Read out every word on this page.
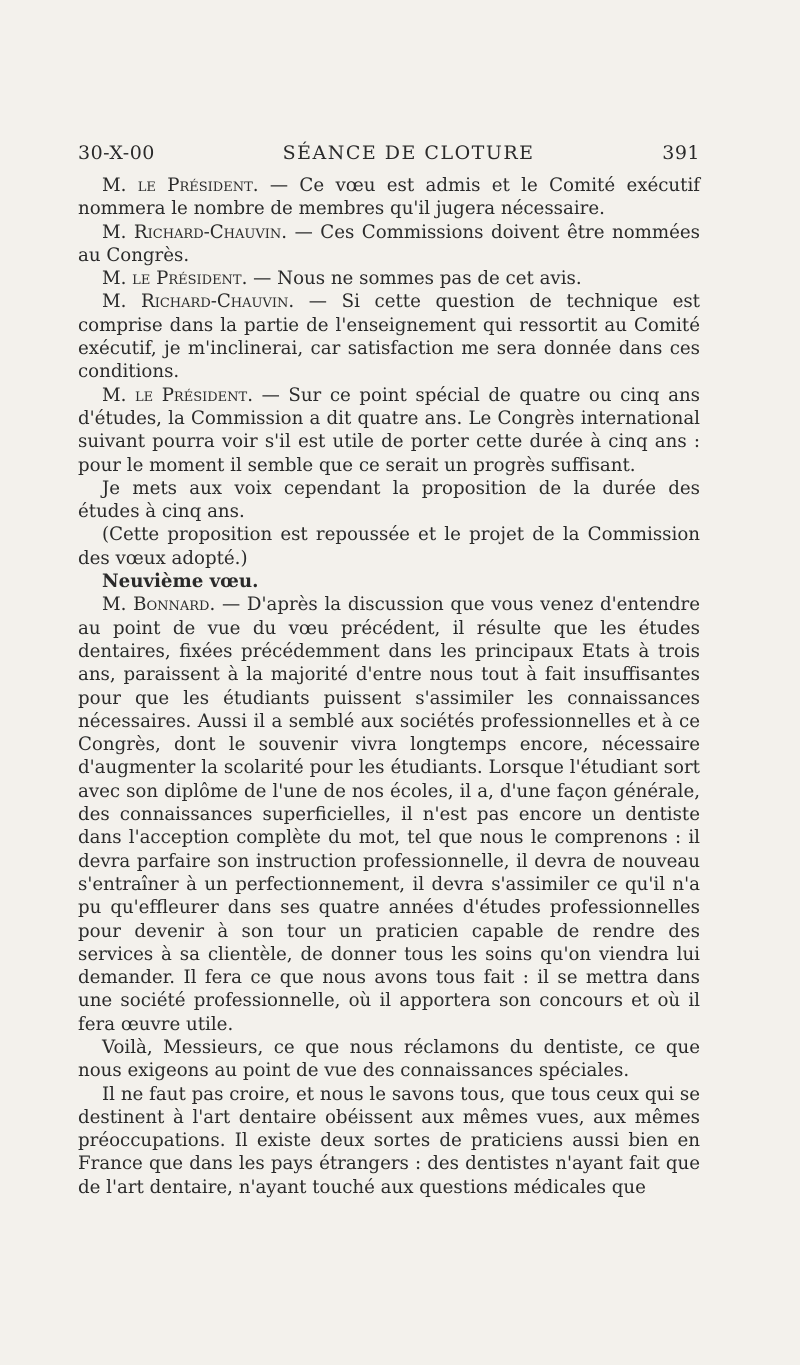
30-X-00	SÉANCE DE CLOTURE	391

M. le Président. — Ce vœu est admis et le Comité exécutif nommera le nombre de membres qu'il jugera nécessaire.

M. Richard-Chauvin. — Ces Commissions doivent être nommées au Congrès.

M. le Président. — Nous ne sommes pas de cet avis.

M. Richard-Chauvin. — Si cette question de technique est comprise dans la partie de l'enseignement qui ressortit au Comité exécutif, je m'inclinerai, car satisfaction me sera donnée dans ces conditions.

M. le Président. — Sur ce point spécial de quatre ou cinq ans d'études, la Commission a dit quatre ans. Le Congrès international suivant pourra voir s'il est utile de porter cette durée à cinq ans : pour le moment il semble que ce serait un progrès suffisant.

Je mets aux voix cependant la proposition de la durée des études à cinq ans.

(Cette proposition est repoussée et le projet de la Commission des vœux adopté.)

Neuvième vœu.

M. Bonnard. — D'après la discussion que vous venez d'entendre au point de vue du vœu précédent, il résulte que les études dentaires, fixées précédemment dans les principaux Etats à trois ans, paraissent à la majorité d'entre nous tout à fait insuffisantes pour que les étudiants puissent s'assimiler les connaissances nécessaires. Aussi il a semblé aux sociétés professionnelles et à ce Congrès, dont le souvenir vivra longtemps encore, nécessaire d'augmenter la scolarité pour les étudiants. Lorsque l'étudiant sort avec son diplôme de l'une de nos écoles, il a, d'une façon générale, des connaissances superficielles, il n'est pas encore un dentiste dans l'acception complète du mot, tel que nous le comprenons : il devra parfaire son instruction professionnelle, il devra de nouveau s'entraîner à un perfectionnement, il devra s'assimiler ce qu'il n'a pu qu'effleurer dans ses quatre années d'études professionnelles pour devenir à son tour un praticien capable de rendre des services à sa clientèle, de donner tous les soins qu'on viendra lui demander. Il fera ce que nous avons tous fait : il se mettra dans une société professionnelle, où il apportera son concours et où il fera œuvre utile.

Voilà, Messieurs, ce que nous réclamons du dentiste, ce que nous exigeons au point de vue des connaissances spéciales.

Il ne faut pas croire, et nous le savons tous, que tous ceux qui se destinent à l'art dentaire obéissent aux mêmes vues, aux mêmes préoccupations. Il existe deux sortes de praticiens aussi bien en France que dans les pays étrangers : des dentistes n'ayant fait que de l'art dentaire, n'ayant touché aux questions médicales que
